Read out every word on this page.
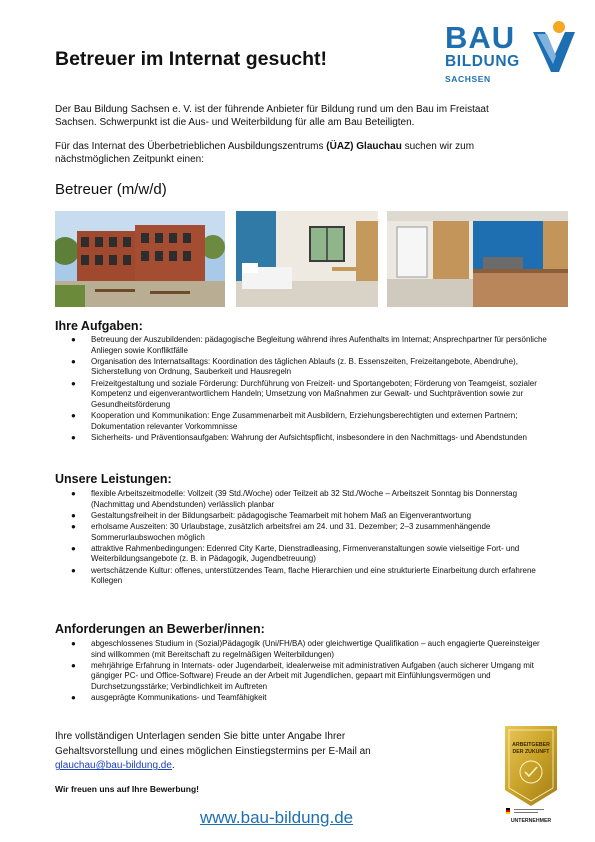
Betreuer im Internat gesucht!
BAU
BILDUNG
SACHSEN

Der Bau Bildung Sachsen e. V. ist der führende Anbieter für Bildung rund um den Bau im Freistaat Sachsen. Schwerpunkt ist die Aus- und Weiterbildung für alle am Bau Beteiligten.

Für das Internat des Überbetrieblichen Ausbildungszentrums (ÜAZ) Glauchau suchen wir zum nächstmöglichen Zeitpunkt einen:

Betreuer (m/w/d)
Ihre Aufgaben:
● Betreuung der Auszubildenden: pädagogische Begleitung während ihres Aufenthalts im Internat; Ansprechpartner für persönliche Anliegen sowie Konfliktfälle
● Organisation des Internatsalltags: Koordination des täglichen Ablaufs (z. B. Essenszeiten, Freizeitangebote, Abendruhe), Sicherstellung von Ordnung, Sauberkeit und Hausregeln
● Freizeitgestaltung und soziale Förderung: Durchführung von Freizeit- und Sportangeboten; Förderung von Teamgeist, sozialer Kompetenz und eigenverantwortlichem Handeln; Umsetzung von Maßnahmen zur Gewalt- und Suchtprävention sowie zur Gesundheitsförderung
● Kooperation und Kommunikation: Enge Zusammenarbeit mit Ausbildern, Erziehungsberechtigten und externen Partnern; Dokumentation relevanter Vorkommnisse
● Sicherheits- und Präventionsaufgaben: Wahrung der Aufsichtspflicht, insbesondere in den Nachmittags- und Abendstunden
Unsere Leistungen:
● flexible Arbeitszeitmodelle: Vollzeit (39 Std./Woche) oder Teilzeit ab 32 Std./Woche – Arbeitszeit Sonntag bis Donnerstag (Nachmittag und Abendstunden) verlässlich planbar
● Gestaltungsfreiheit in der Bildungsarbeit: pädagogische Teamarbeit mit hohem Maß an Eigenverantwortung
● erholsame Auszeiten: 30 Urlaubstage, zusätzlich arbeitsfrei am 24. und 31. Dezember; 2–3 zusammenhängende Sommerurlaubswochen möglich
● attraktive Rahmenbedingungen: Edenred City Karte, Dienstradleasing, Firmenveranstaltungen sowie vielseitige Fort- und Weiterbildungsangebote (z. B. in Pädagogik, Jugendbetreuung)
● wertschätzende Kultur: offenes, unterstützendes Team, flache Hierarchien und eine strukturierte Einarbeitung durch erfahrene Kollegen
Anforderungen an Bewerber/innen:
● abgeschlossenes Studium in (Sozial)Pädagogik (Uni/FH/BA) oder gleichwertige Qualifikation – auch engagierte Quereinsteiger sind willkommen (mit Bereitschaft zu regelmäßigen Weiterbildungen)
● mehrjährige Erfahrung in Internats- oder Jugendarbeit, idealerweise mit administrativen Aufgaben (auch sicherer Umgang mit gängiger PC- und Office-Software) Freude an der Arbeit mit Jugendlichen, gepaart mit Einfühlungsvermögen und Durchsetzungsstärke; Verbindlichkeit im Auftreten
● ausgeprägte Kommunikations- und Teamfähigkeit

Ihre vollständigen Unterlagen senden Sie bitte unter Angabe Ihrer Gehaltsvorstellung und eines möglichen Einstiegstermins per E-Mail an glauchau@bau-bildung.de.

Wir freuen uns auf Ihre Bewerbung!

www.bau-bildung.de
ARBEITGEBER
DER ZUKUNFT
UNTERNEHMER
